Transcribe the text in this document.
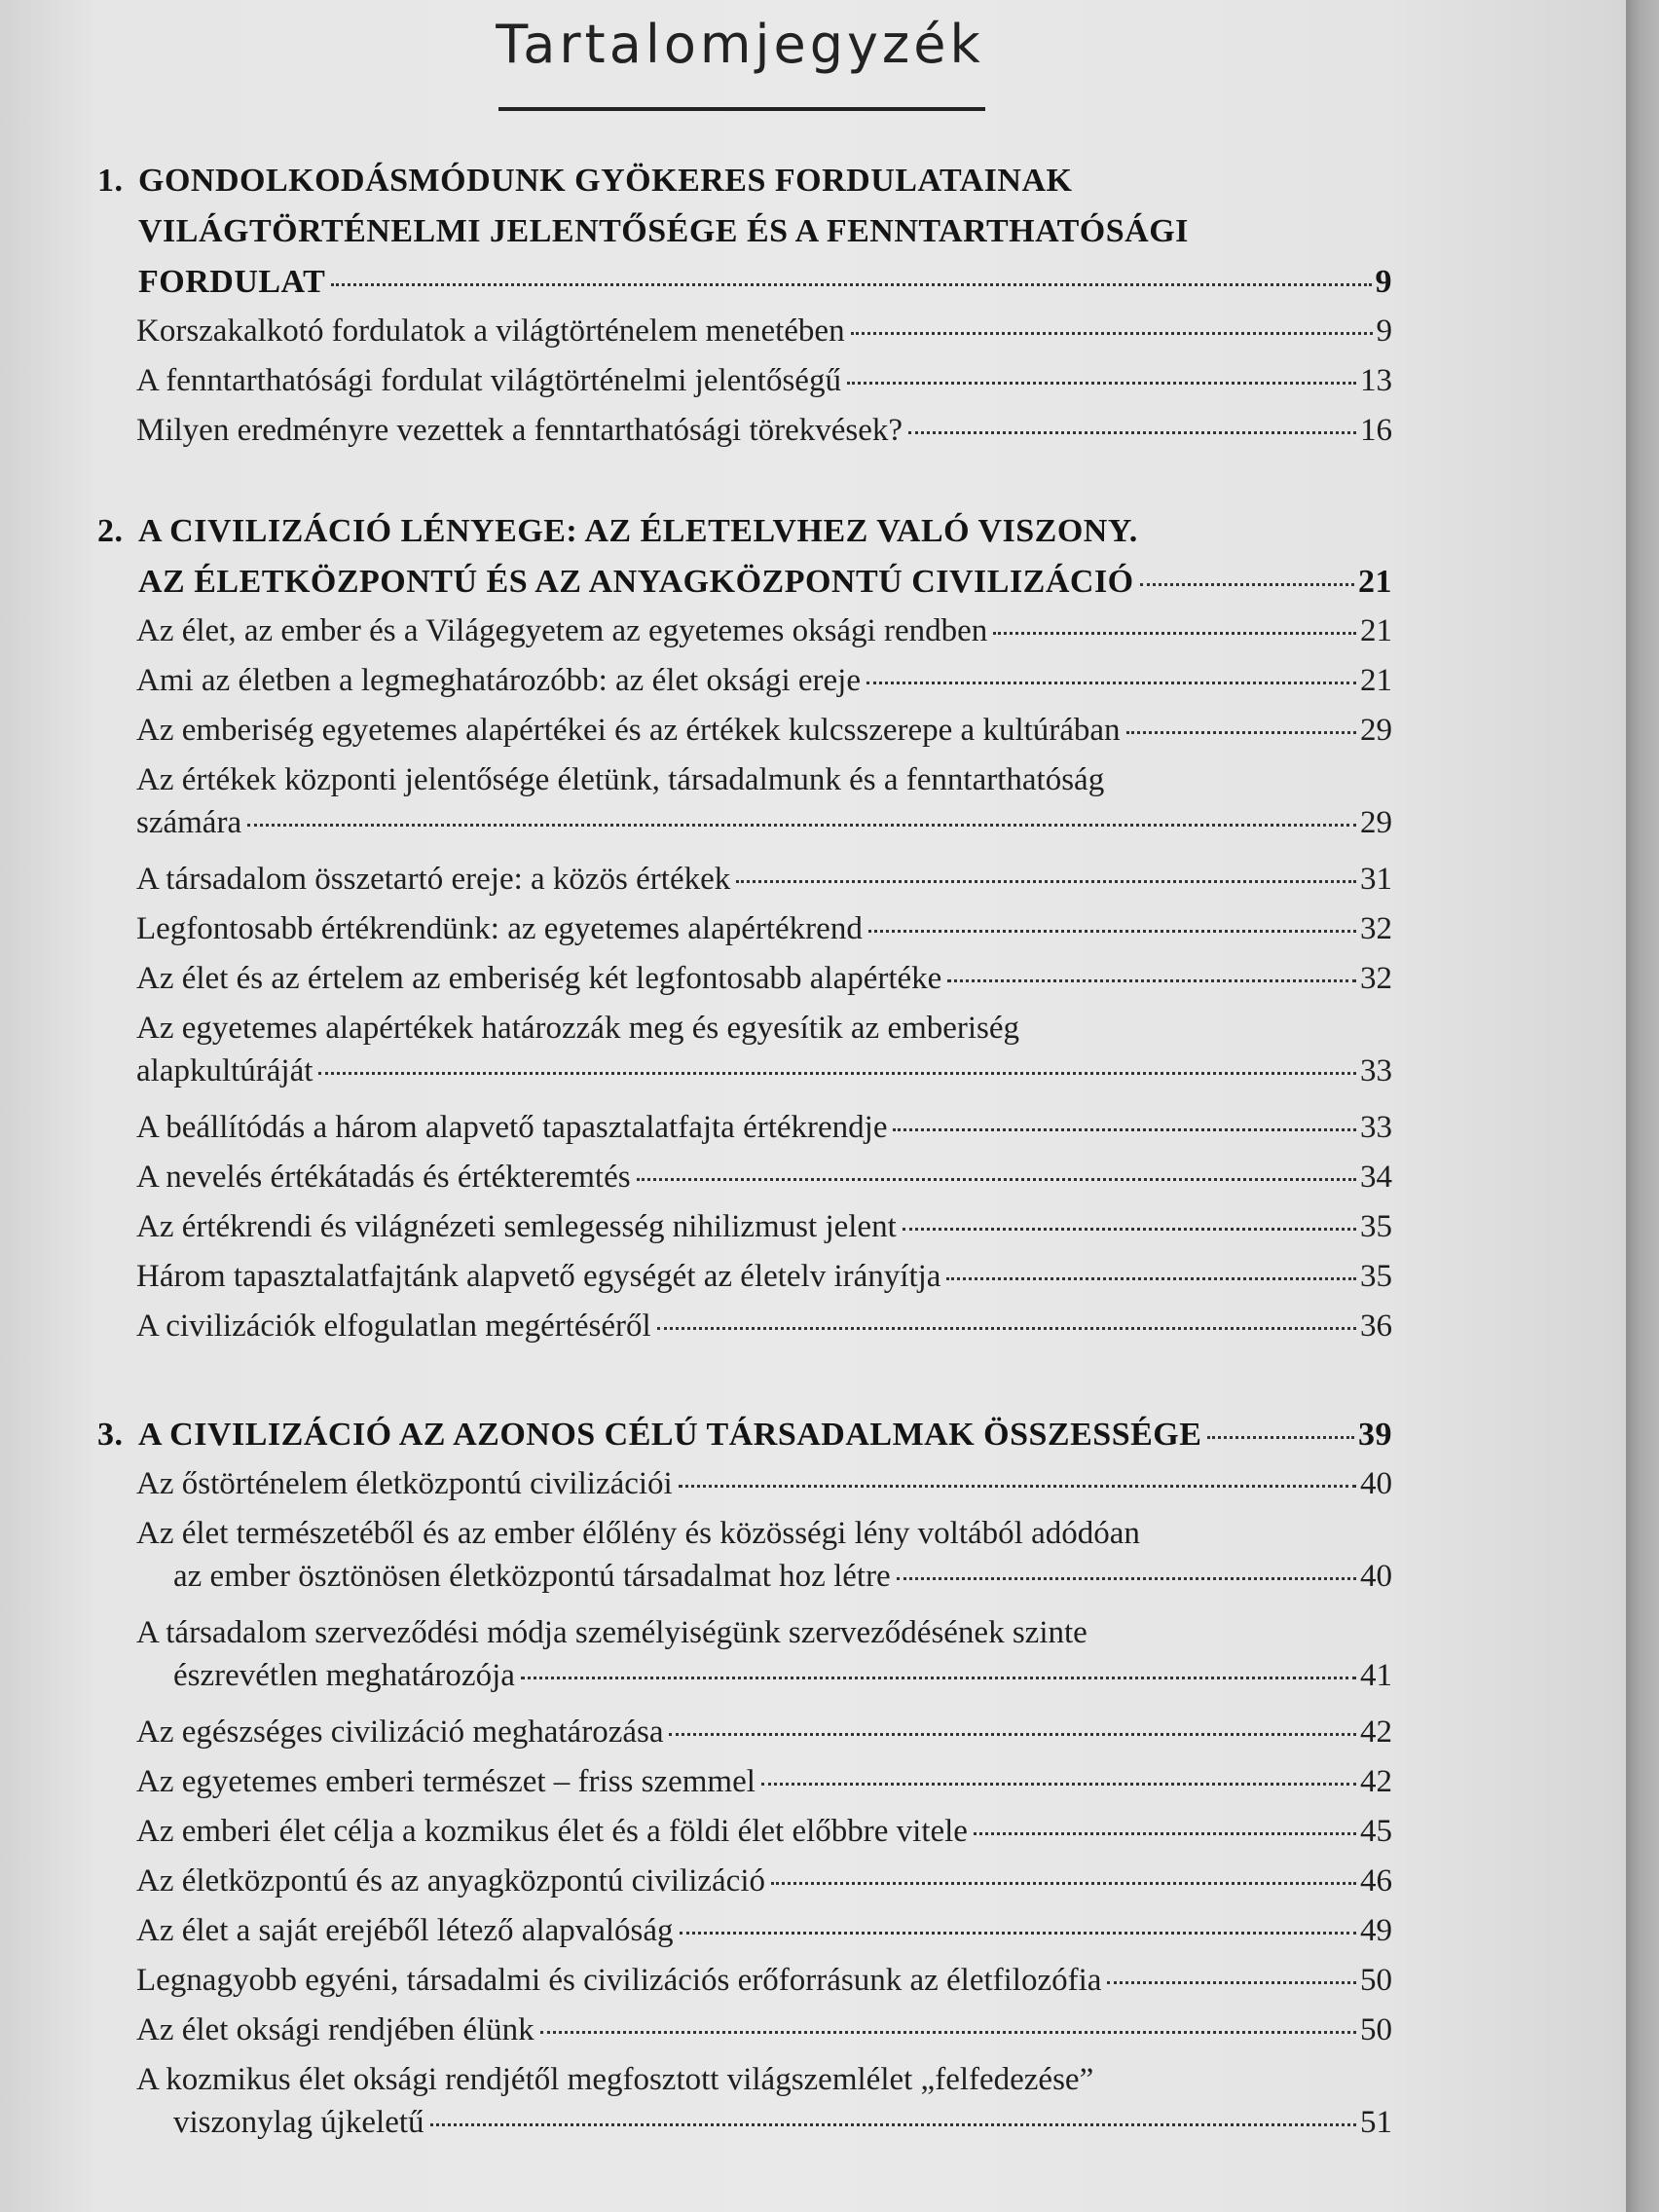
Tartalomjegyzék
1. GONDOLKODÁSMÓDUNK GYÖKERES FORDULATAINAK
VILÁGTÖRTÉNELMI JELENTŐSÉGE ÉS A FENNTARTHATÓSÁGI
FORDULAT	9
Korszakalkotó fordulatok a világtörténelem menetében	9
A fenntarthatósági fordulat világtörténelmi jelentőségű	13
Milyen eredményre vezettek a fenntarthatósági törekvések?	16
2. A CIVILIZÁCIÓ LÉNYEGE: AZ ÉLETELVHEZ VALÓ VISZONY.
AZ ÉLETKÖZPONTÚ ÉS AZ ANYAGKÖZPONTÚ CIVILIZÁCIÓ	21
Az élet, az ember és a Világegyetem az egyetemes oksági rendben	21
Ami az életben a legmeghatározóbb: az élet oksági ereje	21
Az emberiség egyetemes alapértékei és az értékek kulcsszerepe a kultúrában	29
Az értékek központi jelentősége életünk, társadalmunk és a fenntarthatóság
számára	29
A társadalom összetartó ereje: a közös értékek	31
Legfontosabb értékrendünk: az egyetemes alapértékrend	32
Az élet és az értelem az emberiség két legfontosabb alapértéke	32
Az egyetemes alapértékek határozzák meg és egyesítik az emberiség
alapkultúráját	33
A beállítódás a három alapvető tapasztalatfajta értékrendje	33
A nevelés értékátadás és értékteremtés	34
Az értékrendi és világnézeti semlegesség nihilizmust jelent	35
Három tapasztalatfajtánk alapvető egységét az életelv irányítja	35
A civilizációk elfogulatlan megértéséről	36
3. A CIVILIZÁCIÓ AZ AZONOS CÉLÚ TÁRSADALMAK ÖSSZESSÉGE	39
Az őstörténelem életközpontú civilizációi	40
Az élet természetéből és az ember élőlény és közösségi lény voltából adódóan
az ember ösztönösen életközpontú társadalmat hoz létre	40
A társadalom szerveződési módja személyiségünk szerveződésének szinte
észrevétlen meghatározója	41
Az egészséges civilizáció meghatározása	42
Az egyetemes emberi természet – friss szemmel	42
Az emberi élet célja a kozmikus élet és a földi élet előbbre vitele	45
Az életközpontú és az anyagközpontú civilizáció	46
Az élet a saját erejéből létező alapvalóság	49
Legnagyobb egyéni, társadalmi és civilizációs erőforrásunk az életfilozófia	50
Az élet oksági rendjében élünk	50
A kozmikus élet oksági rendjétől megfosztott világszemlélet „felfedezése”
viszonylag újkeletű	51
